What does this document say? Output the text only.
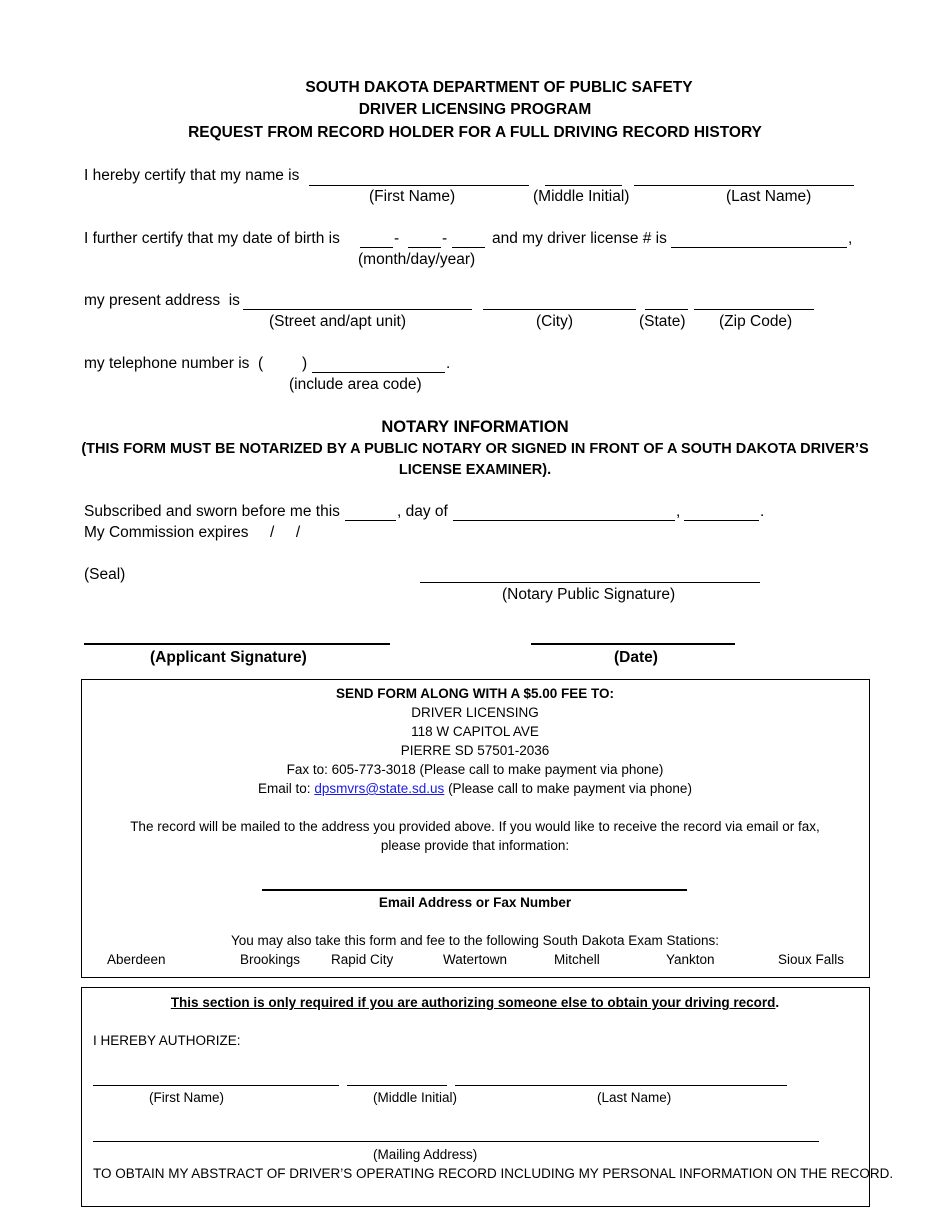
SOUTH DAKOTA DEPARTMENT OF PUBLIC SAFETY
DRIVER LICENSING PROGRAM
REQUEST FROM RECORD HOLDER FOR A FULL DRIVING RECORD HISTORY
I hereby certify that my name is
(First Name)	(Middle Initial)	(Last Name)
I further certify that my date of birth is	-	-	and my driver license # is	,
(month/day/year)
my present address  is
(Street and/apt unit)	(City)	(State) (Zip Code)
my telephone number is  (         )	.
(include area code)
NOTARY INFORMATION
(THIS FORM MUST BE NOTARIZED BY A PUBLIC NOTARY OR SIGNED IN FRONT OF A SOUTH DAKOTA DRIVER’S
LICENSE EXAMINER).
Subscribed and sworn before me this	, day of	,	.
My Commission expires     /     /
(Seal)
(Notary Public Signature)
(Applicant Signature)	(Date)
SEND FORM ALONG WITH A $5.00 FEE TO:
DRIVER LICENSING
118 W CAPITOL AVE
PIERRE SD 57501-2036
Fax to: 605-773-3018 (Please call to make payment via phone)
Email to: dpsmvrs@state.sd.us (Please call to make payment via phone)
The record will be mailed to the address you provided above. If you would like to receive the record via email or fax,
please provide that information:
Email Address or Fax Number
You may also take this form and fee to the following South Dakota Exam Stations:
Aberdeen	Brookings Rapid City	Watertown	Mitchell	Yankton	Sioux Falls
This section is only required if you are authorizing someone else to obtain your driving record.
I HEREBY AUTHORIZE:
(First Name)	(Middle Initial)	(Last Name)
(Mailing Address)
TO OBTAIN MY ABSTRACT OF DRIVER’S OPERATING RECORD INCLUDING MY PERSONAL INFORMATION ON THE RECORD.
